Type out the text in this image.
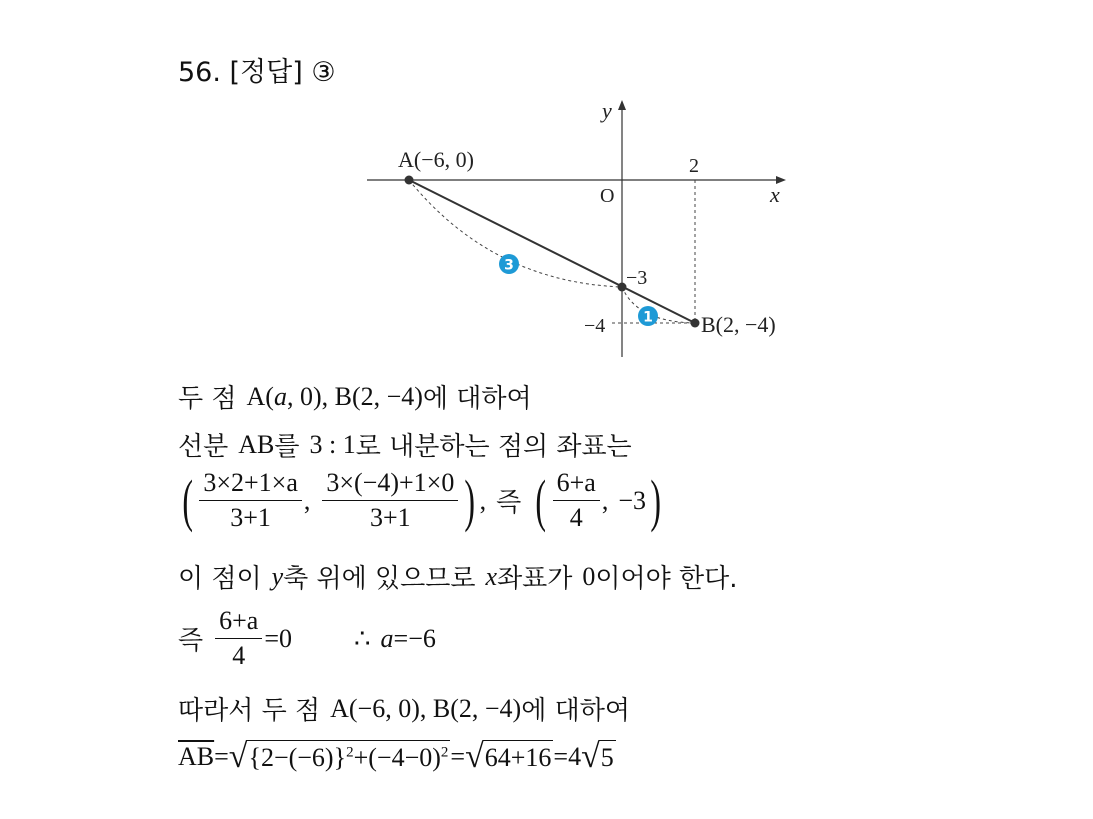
56. [정답] ③
A(−6, 0)
B(2, −4)
O	x
y
2
−3
−4
3
1
두 점 A( a , 0), B(2, −4) 에 대하여
선분 AB 를 3 : 1 로 내분하는 점의 좌표는
( $\frac{3\times 2+1\times a}{3+1}$ , $\frac{3\times(-4)+1\times 0}{3+1}$ ) , 즉 ( $\frac{6+a}{4}$ , −3 )
이 점이 y 축 위에 있으므로 x 좌표가 0 이어야 한다.
즉 $\frac{6+a}{4} =0$ ∴ a =−6
따라서 두 점 A(−6, 0), B(2, −4) 에 대하여
$\overline{AB}$ = √ $\{2-(-6)\}^2+(-4-0)^2$ = √ 64+16 =4 √ 5
